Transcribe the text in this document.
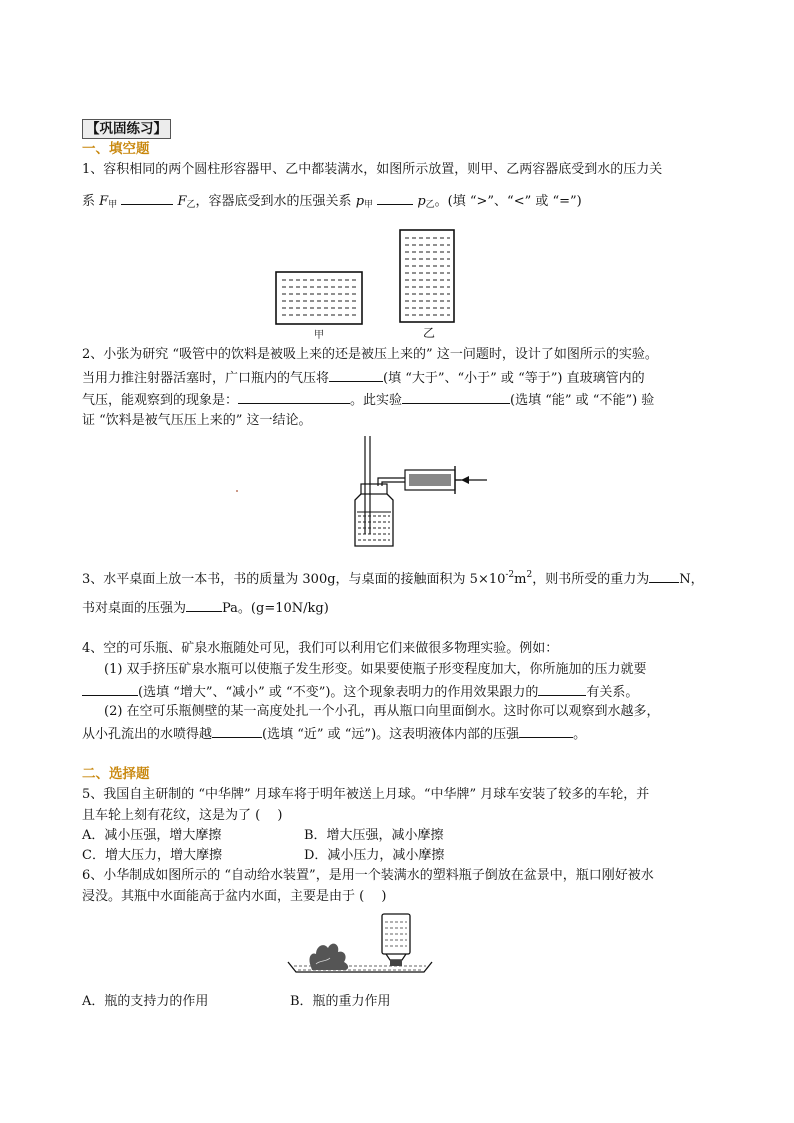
【巩固练习】
一、填空题
1、容积相同的两个圆柱形容器甲、乙中都装满水，如图所示放置，则甲、乙两容器底受到水的压力关
系 $F_甲$	$F_乙$，容器底受到水的压强关系 $p_甲$	$p_乙$。(填 “>”、“<” 或 “=”)
甲	乙
2、小张为研究 “吸管中的饮料是被吸上来的还是被压上来的” 这一问题时，设计了如图所示的实验。
当用力推注射器活塞时，广口瓶内的气压将	(填 “大于”、“小于” 或 “等于”) 直玻璃管内的
气压，能观察到的现象是：	。此实验	(选填 “能” 或 “不能”) 验
证 “饮料是被气压压上来的” 这一结论。
3、水平桌面上放一本书，书的质量为 300g，与桌面的接触面积为 $5\times 10^{-2}m^2$，则书所受的重力为 N，
书对桌面的压强为	Pa。(g=10N/kg)
4、空的可乐瓶、矿泉水瓶随处可见，我们可以利用它们来做很多物理实验。例如：
(1) 双手挤压矿泉水瓶可以使瓶子发生形变。如果要使瓶子形变程度加大，你所施加的压力就要
(选填 “增大”、“减小” 或 “不变”)。这个现象表明力的作用效果跟力的	有关系。
(2) 在空可乐瓶侧壁的某一高度处扎一个小孔，再从瓶口向里面倒水。这时你可以观察到水越多，
从小孔流出的水喷得越	(选填 “近” 或 “远”)。这表明液体内部的压强	。
二、选择题
5、我国自主研制的 “中华牌” 月球车将于明年被送上月球。“中华牌” 月球车安装了较多的车轮，并
且车轮上刻有花纹，这是为了 (　 )
A．减小压强，增大摩擦	B．增大压强，减小摩擦
C．增大压力，增大摩擦	D．减小压力，减小摩擦
6、小华制成如图所示的 “自动给水装置”，是用一个装满水的塑料瓶子倒放在盆景中，瓶口刚好被水
浸没。其瓶中水面能高于盆内水面，主要是由于 (　 )
A．瓶的支持力的作用	B．瓶的重力作用
